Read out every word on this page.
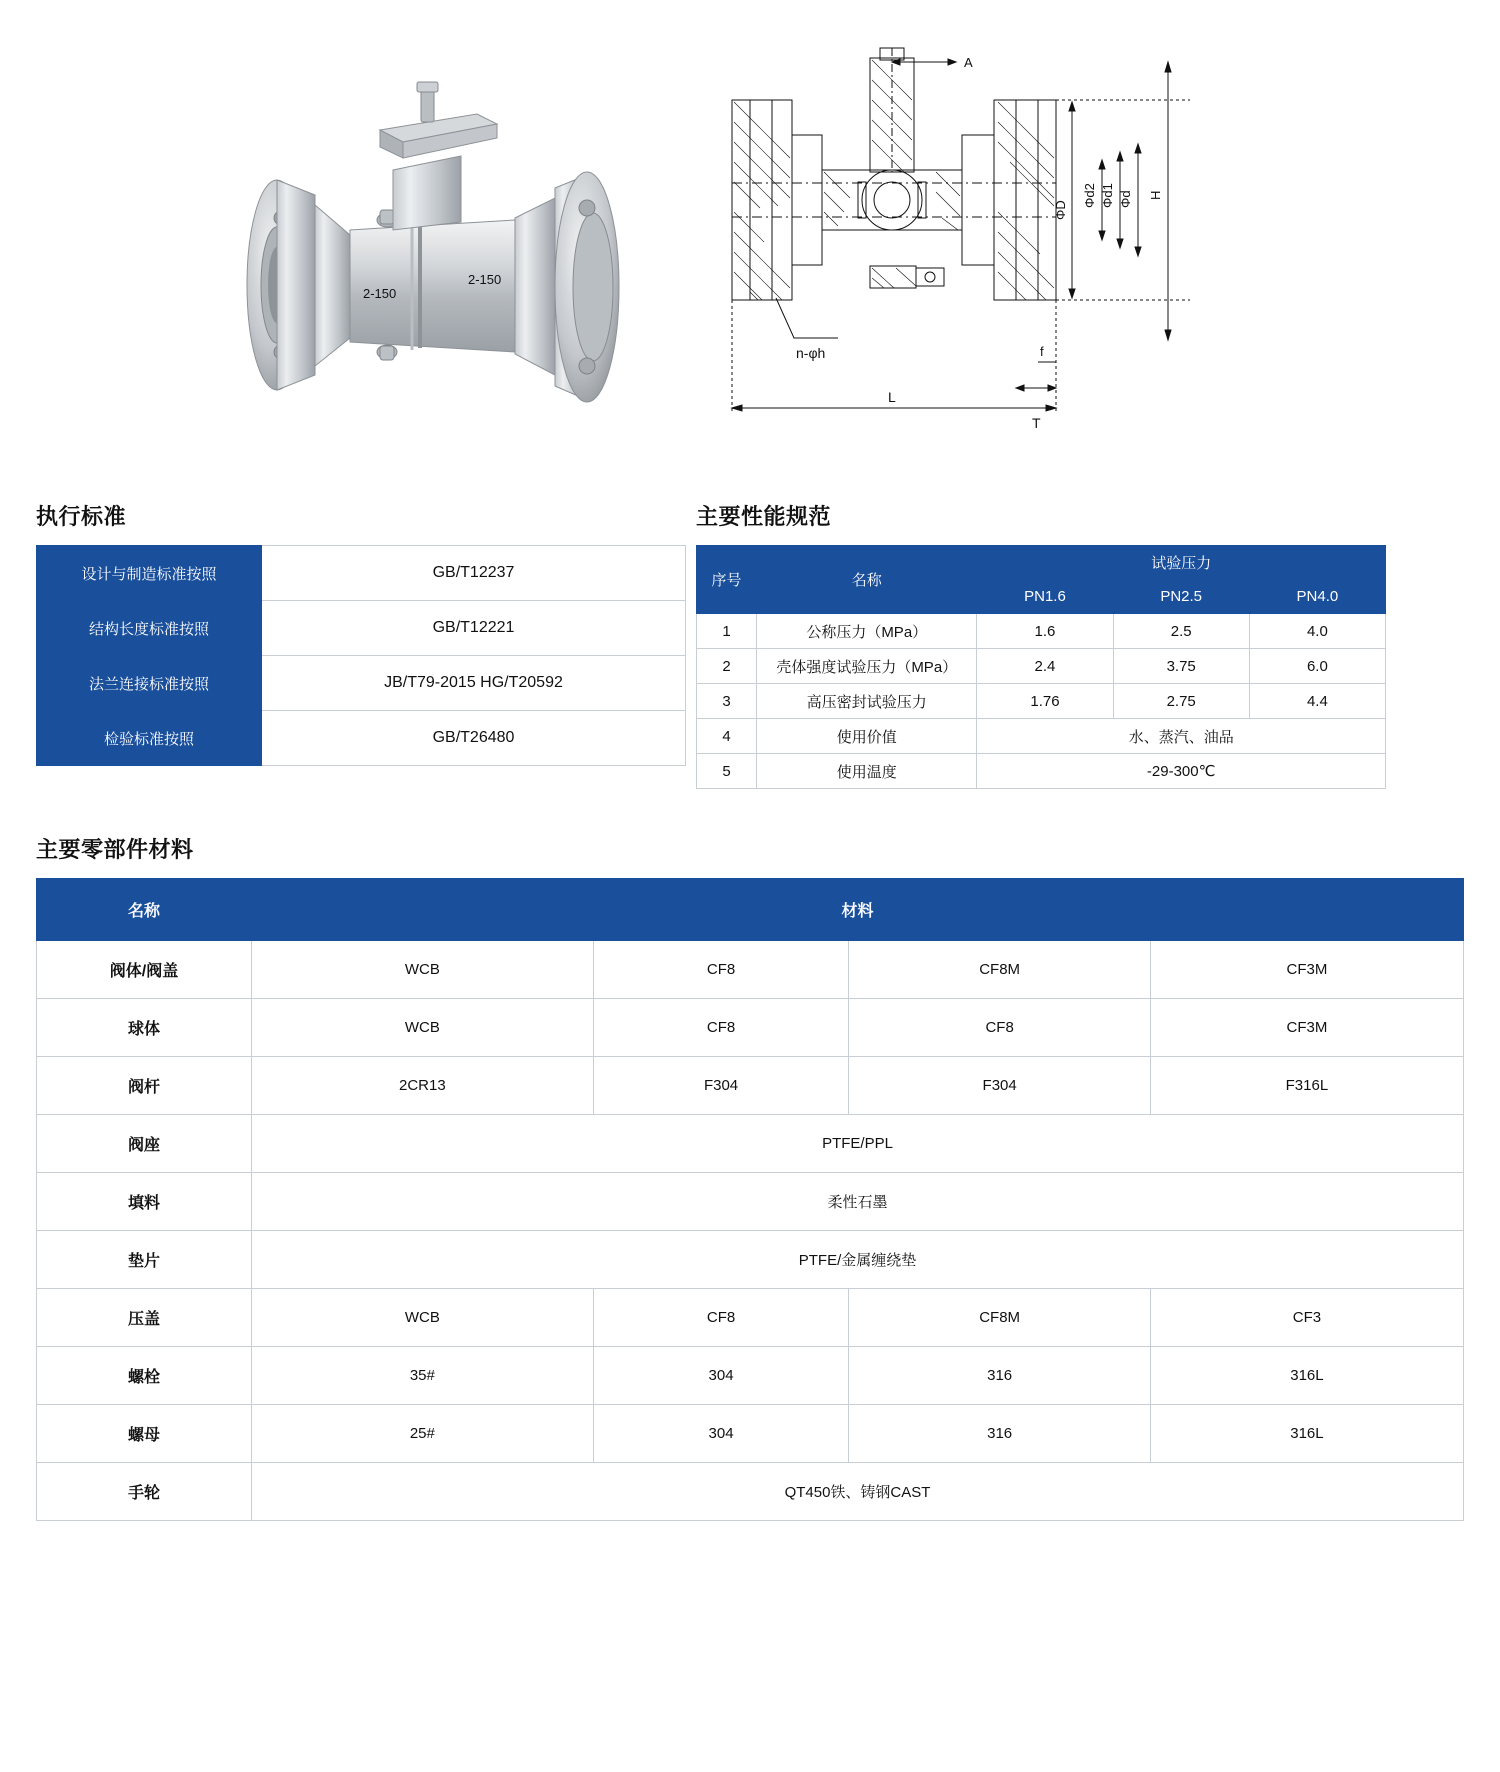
2-150
2-150
A
H
Φd2 Φd1 Φd
ΦD
n-φh
L
T
f
执行标准
设计与制造标准按照	GB/T12237
结构长度标准按照	GB/T12221
法兰连接标准按照	JB/T79-2015 HG/T20592
检验标准按照	GB/T26480
主要性能规范
序号	名称	试验压力		
		PN1.6	PN2.5	PN4.0
1	公称压力（MPa）	1.6	2.5	4.0
2	壳体强度试验压力（MPa）	2.4	3.75	6.0
3	高压密封试验压力	1.76	2.75	4.4
4	使用价值	水、蒸汽、油品		
5	使用温度	-29-300℃		
主要零部件材料
名称	材料			
阀体/阀盖	WCB	CF8	CF8M	CF3M
球体	WCB	CF8	CF8	CF3M
阀杆	2CR13	F304	F304	F316L
阀座	PTFE/PPL			
填料	柔性石墨			
垫片	PTFE/金属缠绕垫			
压盖	WCB	CF8	CF8M	CF3
螺栓	35#	304	316	316L
螺母	25#	304	316	316L
手轮	QT450铁、铸钢CAST			
